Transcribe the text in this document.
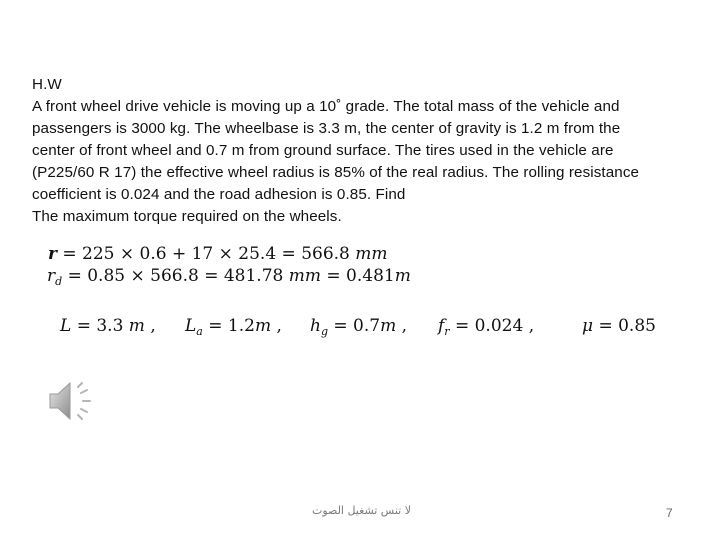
H.W
A front wheel drive vehicle is moving up a 10˚ grade. The total mass of the vehicle and
passengers is 3000 kg. The wheelbase is 3.3 m, the center of gravity is 1.2 m from the
center of front wheel and 0.7 m from ground surface. The tires used in the vehicle are
(P225/60 R 17) the effective wheel radius is 85% of the real radius. The rolling resistance
coefficient is 0.024 and the road adhesion is 0.85. Find
The maximum torque required on the wheels.
r = 225 × 0.6 + 17 × 25.4 = 566.8 mm
$r_d = 0.85 \times 566.8 = 481.78$ mm = 0.481m
L = 3.3 m , $L_a = 1.2m$ , $h_g = 0.7m$ , $f_r = 0.024$ ,	μ = 0.85
لا تنس تشغيل الصوت	7
